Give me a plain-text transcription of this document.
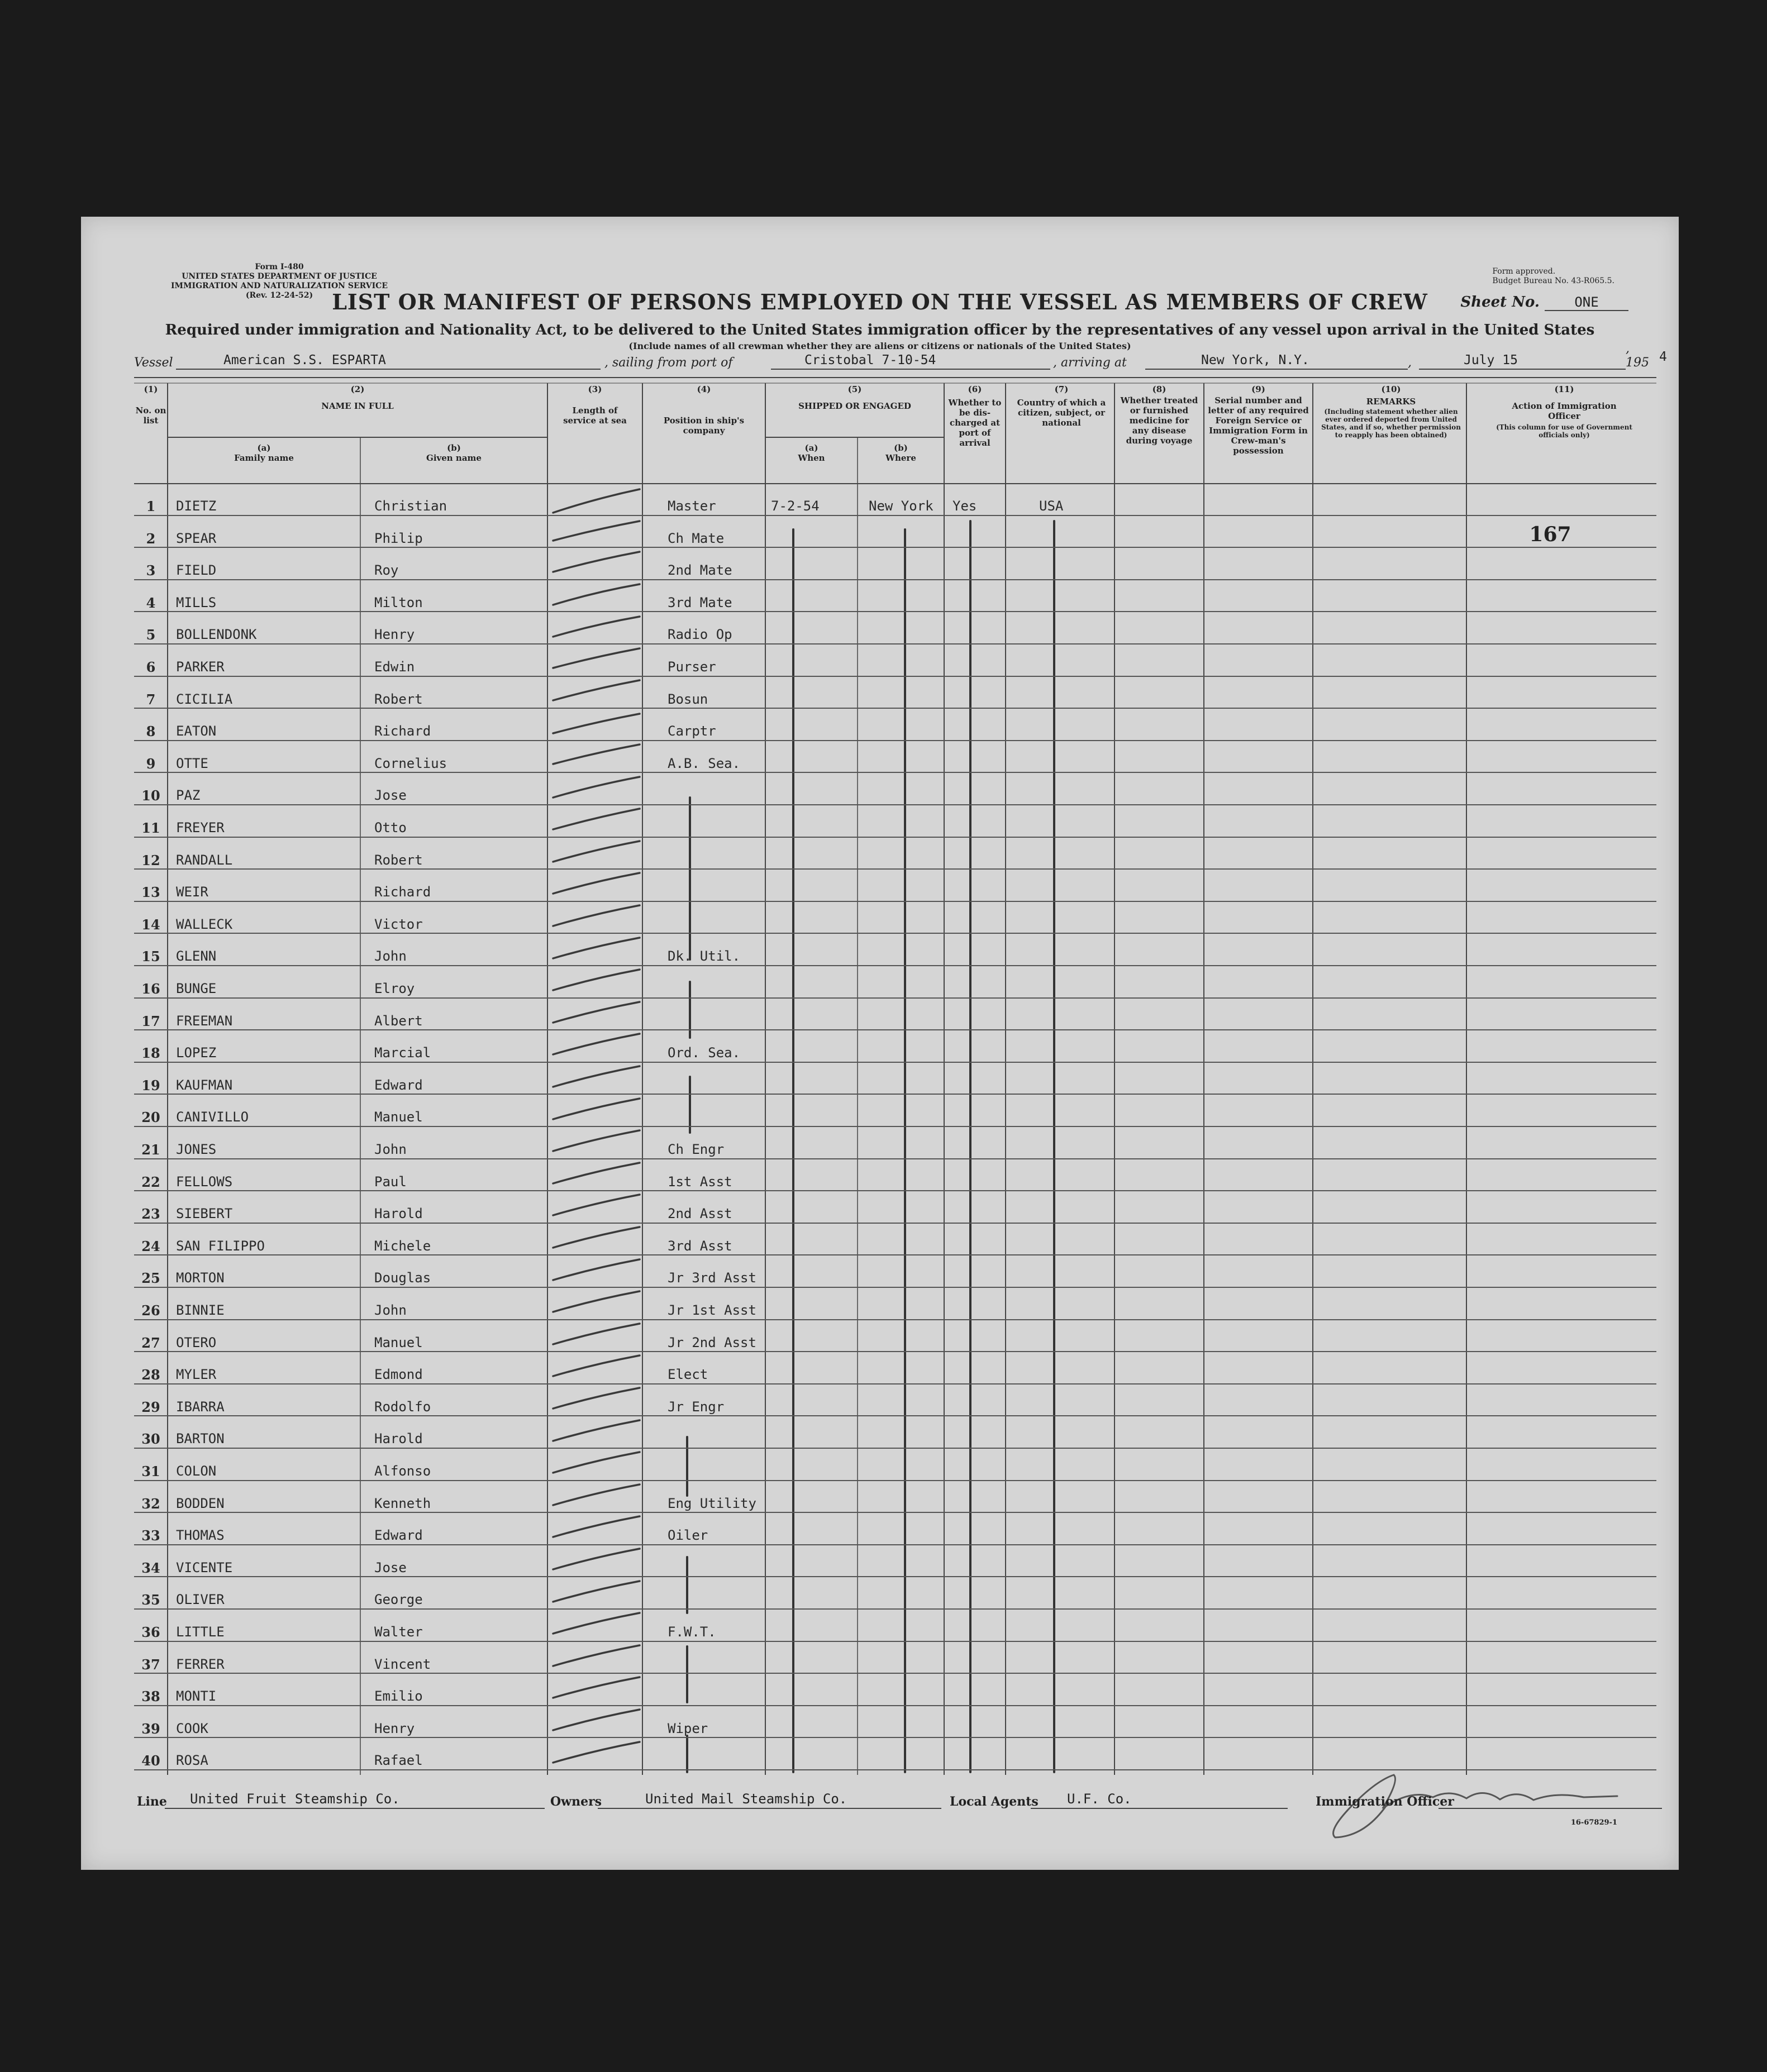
Form I-480
UNITED STATES DEPARTMENT OF JUSTICE
IMMIGRATION AND NATURALIZATION SERVICE
(Rev. 12-24-52)
Form approved.
Budget Bureau No. 43-R065.5.
LIST OR MANIFEST OF PERSONS EMPLOYED ON THE VESSEL AS MEMBERS OF CREW	Sheet No.	ONE
Required under immigration and Nationality Act, to be delivered to the United States immigration officer by the representatives of any vessel upon arrival in the United States
(Include names of all crewman whether they are aliens or citizens or nationals of the United States)
Vessel	American S.S. ESPARTA	, sailing from port of	Cristobal 7-10-54	, arriving at	New York, N.Y.	,	July 15
, 195 4
(1)
No. on list
(2)
NAME IN FULL
(a)
Family name
(b)
Given name
(3)
Length of service at sea
(4)
Position in ship's company
(5)
SHIPPED OR ENGAGED
(a)
When
(b)
Where
(6)
Whether to be dis-charged at port of arrival
(7)
Country of which a citizen, subject, or national
(8)
Whether treated or furnished medicine for any disease during voyage
(9)
Serial number and letter of any required Foreign Service or Immigration Form in Crew-man's possession
(10)
REMARKS
(Including statement whether alien ever ordered deported from United States, and if so, whether permission to reapply has been obtained)
(11)
Action of Immigration Officer
(This column for use of Government officials only)
167
1	DIETZ	Christian	Master	7-2-54	New York Yes	USA
2	SPEAR	Philip	Ch Mate
3	FIELD	Roy	2nd Mate
4	MILLS	Milton	3rd Mate
5	BOLLENDONK	Henry	Radio Op
6	PARKER	Edwin	Purser
7	CICILIA	Robert	Bosun
8	EATON	Richard	Carptr
9	OTTE	Cornelius	A.B. Sea.
10	PAZ	Jose
11	FREYER	Otto
12	RANDALL	Robert
13	WEIR	Richard
14	WALLECK	Victor
15	GLENN	John	Dk. Util.
16	BUNGE	Elroy
17	FREEMAN	Albert
18	LOPEZ	Marcial	Ord. Sea.
19	KAUFMAN	Edward
20	CANIVILLO	Manuel
21	JONES	John	Ch Engr
22	FELLOWS	Paul	1st Asst
23	SIEBERT	Harold	2nd Asst
24	SAN FILIPPO	Michele	3rd Asst
25	MORTON	Douglas	Jr 3rd Asst
26	BINNIE	John	Jr 1st Asst
27	OTERO	Manuel	Jr 2nd Asst
28	MYLER	Edmond	Elect
29	IBARRA	Rodolfo	Jr Engr
30	BARTON	Harold
31	COLON	Alfonso
32	BODDEN	Kenneth	Eng Utility
33	THOMAS	Edward	Oiler
34	VICENTE	Jose
35	OLIVER	George
36	LITTLE	Walter	F.W.T.
37	FERRER	Vincent
38	MONTI	Emilio
39	COOK	Henry	Wiper
40	ROSA	Rafael
Line United Fruit Steamship Co.	Owners	United Mail Steamship Co.	Local Agents U.F. Co.	Immigration Officer
16-67829-1
